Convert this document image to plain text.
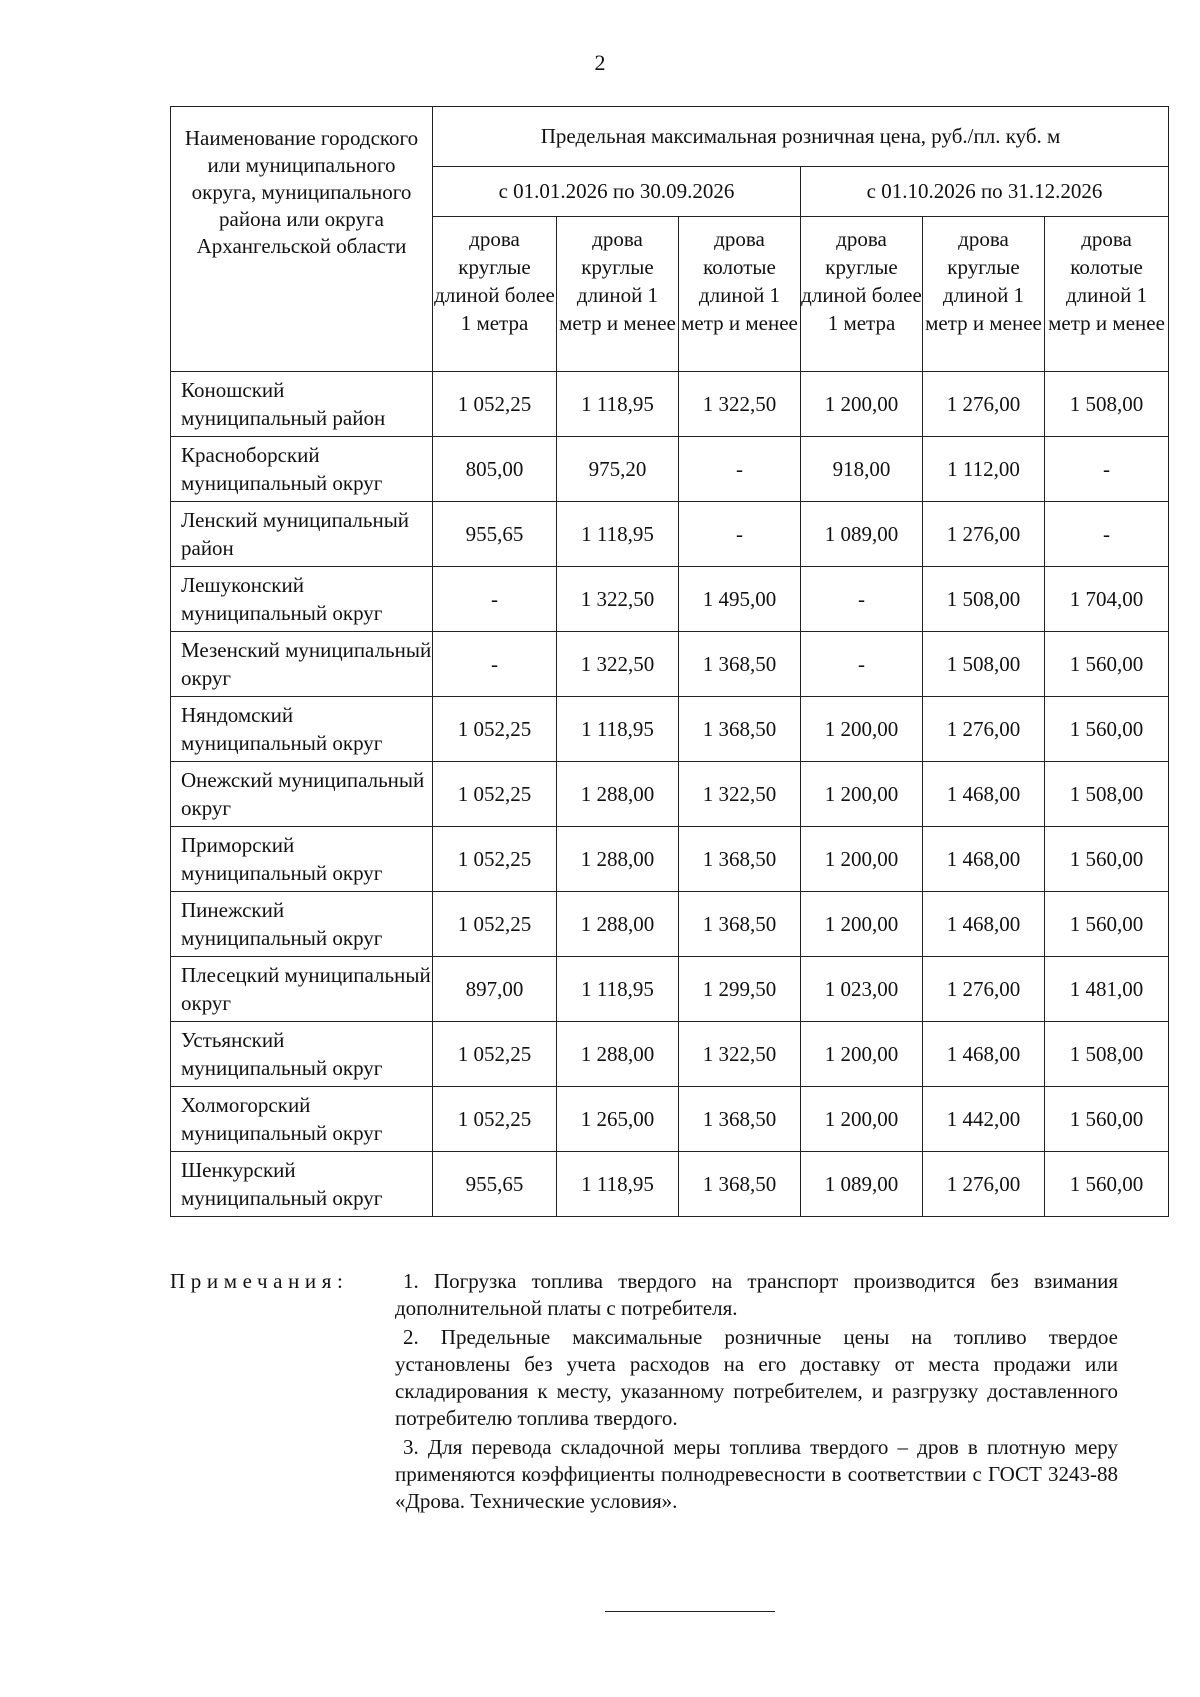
2
Наименование городского или муниципального округа, муниципального района или округа Архангельской области	Предельная максимальная розничная цена, руб./пл. куб. м					
	с 01.01.2026 по 30.09.2026			с 01.10.2026 по 31.12.2026		
	дрова круглые длиной более 1 метра	дрова круглые длиной 1 метр и менее	дрова колотые длиной 1 метр и менее	дрова круглые длиной более 1 метра	дрова круглые длиной 1 метр и менее	дрова колотые длиной 1 метр и менее
Коношский муниципальный район	1 052,25	1 118,95	1 322,50	1 200,00	1 276,00	1 508,00
Красноборский муниципальный округ	805,00	975,20	-	918,00	1 112,00	-
Ленский муниципальный район	955,65	1 118,95	-	1 089,00	1 276,00	-
Лешуконский муниципальный округ	-	1 322,50	1 495,00	-	1 508,00	1 704,00
Мезенский муниципальный округ	-	1 322,50	1 368,50	-	1 508,00	1 560,00
Няндомский муниципальный округ	1 052,25	1 118,95	1 368,50	1 200,00	1 276,00	1 560,00
Онежский муниципальный округ	1 052,25	1 288,00	1 322,50	1 200,00	1 468,00	1 508,00
Приморский муниципальный округ	1 052,25	1 288,00	1 368,50	1 200,00	1 468,00	1 560,00
Пинежский муниципальный округ	1 052,25	1 288,00	1 368,50	1 200,00	1 468,00	1 560,00
Плесецкий муниципальный округ	897,00	1 118,95	1 299,50	1 023,00	1 276,00	1 481,00
Устьянский муниципальный округ	1 052,25	1 288,00	1 322,50	1 200,00	1 468,00	1 508,00
Холмогорский муниципальный округ	1 052,25	1 265,00	1 368,50	1 200,00	1 442,00	1 560,00
Шенкурский муниципальный округ	955,65	1 118,95	1 368,50	1 089,00	1 276,00	1 560,00
Примечания:	1. Погрузка топлива твердого на транспорт производится без взимания дополнительной платы с потребителя.

2. Предельные максимальные розничные цены на топливо твердое установлены без учета расходов на его доставку от места продажи или складирования к месту, указанному потребителем, и разгрузку доставленного потребителю топлива твердого.

3. Для перевода складочной меры топлива твердого – дров в плотную меру применяются коэффициенты полнодревесности в соответствии с ГОСТ 3243-88 «Дрова. Технические условия».
